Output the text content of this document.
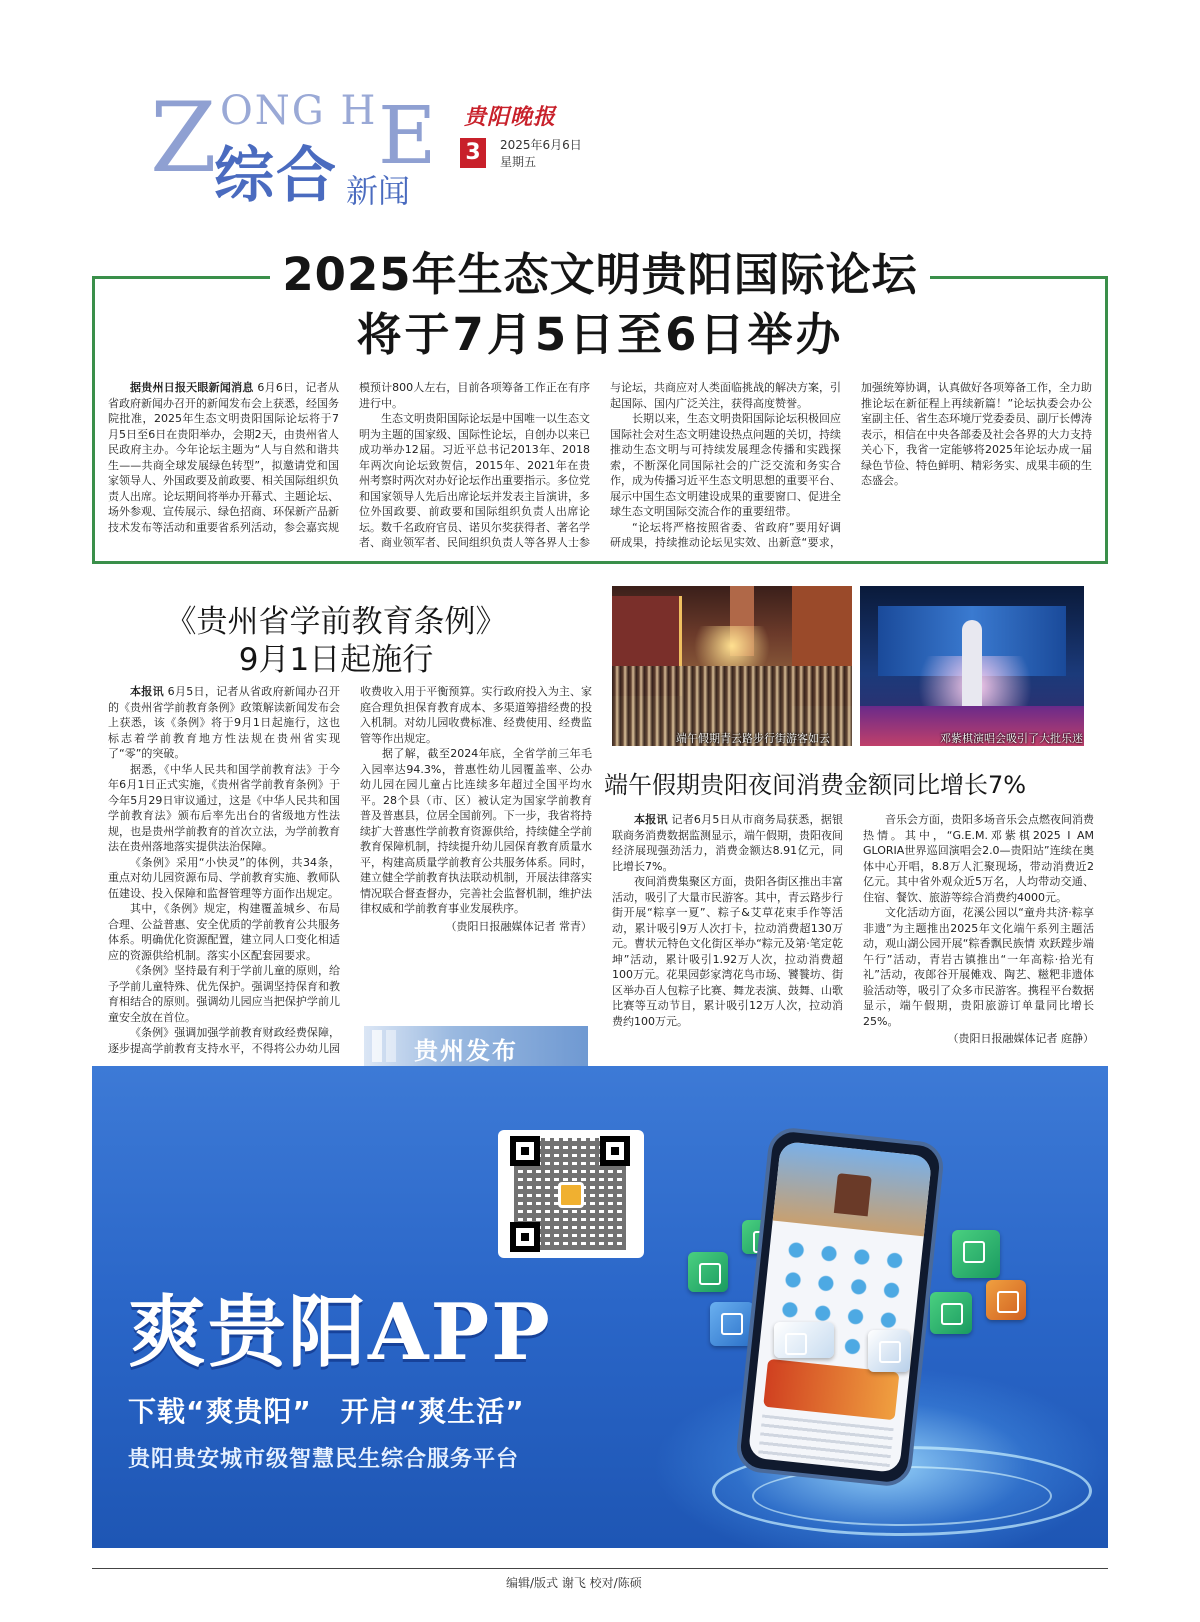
Z ONG H E
综合 新闻
贵阳晚报
3	2025年6月6日
星期五
2025年生态文明贵阳国际论坛
将于7月5日至6日举办

据贵州日报天眼新闻消息 6月6日，记者从省政府新闻办召开的新闻发布会上获悉，经国务院批准，2025年生态文明贵阳国际论坛将于7月5日至6日在贵阳举办，会期2天，由贵州省人民政府主办。今年论坛主题为“人与自然和谐共生——共商全球发展绿色转型”，拟邀请党和国家领导人、外国政要及前政要、相关国际组织负责人出席。论坛期间将举办开幕式、主题论坛、场外参观、宣传展示、绿色招商、环保新产品新技术发布等活动和重要省系列活动，参会嘉宾规模预计800人左右，目前各项筹备工作正在有序进行中。

生态文明贵阳国际论坛是中国唯一以生态文明为主题的国家级、国际性论坛，自创办以来已成功举办12届。习近平总书记2013年、2018年两次向论坛致贺信，2015年、2021年在贵州考察时两次对办好论坛作出重要指示。多位党和国家领导人先后出席论坛并发表主旨演讲，多位外国政要、前政要和国际组织负责人出席论坛。数千名政府官员、诺贝尔奖获得者、著名学者、商业领军者、民间组织负责人等各界人士参与论坛，共商应对人类面临挑战的解决方案，引起国际、国内广泛关注，获得高度赞誉。

长期以来，生态文明贵阳国际论坛积极回应国际社会对生态文明建设热点问题的关切，持续推动生态文明与可持续发展理念传播和实践探索，不断深化同国际社会的广泛交流和务实合作，成为传播习近平生态文明思想的重要平台、展示中国生态文明建设成果的重要窗口、促进全球生态文明国际交流合作的重要纽带。

“论坛将严格按照省委、省政府”要用好调研成果，持续推动论坛见实效、出新意“要求，加强统筹协调，认真做好各项筹备工作，全力助推论坛在新征程上再续新篇！”论坛执委会办公室副主任、省生态环境厅党委委员、副厅长傅涛表示，相信在中央各部委及社会各界的大力支持关心下，我省一定能够将2025年论坛办成一届绿色节俭、特色鲜明、精彩务实、成果丰硕的生态盛会。

《贵州省学前教育条例》
9月1日起施行

本报讯 6月5日，记者从省政府新闻办召开的《贵州省学前教育条例》政策解读新闻发布会上获悉，该《条例》将于9月1日起施行，这也标志着学前教育地方性法规在贵州省实现了“零”的突破。

据悉，《中华人民共和国学前教育法》于今年6月1日正式实施，《贵州省学前教育条例》于今年5月29日审议通过，这是《中华人民共和国学前教育法》颁布后率先出台的省级地方性法规，也是贵州学前教育的首次立法，为学前教育法在贵州落地落实提供法治保障。

《条例》采用“小快灵”的体例，共34条，重点对幼儿园资源布局、学前教育实施、教师队伍建设、投入保障和监督管理等方面作出规定。

其中，《条例》规定，构建覆盖城乡、布局合理、公益普惠、安全优质的学前教育公共服务体系。明确优化资源配置，建立同人口变化相适应的资源供给机制。落实小区配套园要求。

《条例》坚持最有利于学前儿童的原则，给予学前儿童特殊、优先保护。强调坚持保育和教育相结合的原则。强调幼儿园应当把保护学前儿童安全放在首位。

《条例》强调加强学前教育财政经费保障，逐步提高学前教育支持水平，不得将公办幼儿园收费收入用于平衡预算。实行政府投入为主、家庭合理负担保育教育成本、多渠道筹措经费的投入机制。对幼儿园收费标准、经费使用、经费监管等作出规定。

据了解，截至2024年底，全省学前三年毛入园率达94.3%，普惠性幼儿园覆盖率、公办幼儿园在园儿童占比连续多年超过全国平均水平。28个县（市、区）被认定为国家学前教育普及普惠县，位居全国前列。下一步，我省将持续扩大普惠性学前教育资源供给，持续健全学前教育保障机制，持续提升幼儿园保育教育质量水平，构建高质量学前教育公共服务体系。同时，建立健全学前教育执法联动机制，开展法律落实情况联合督查督办，完善社会监督机制，维护法律权威和学前教育事业发展秩序。

（贵阳日报融媒体记者 常青）

贵州发布
端午假期青云路步行街游客如云	邓紫棋演唱会吸引了大批乐迷
端午假期贵阳夜间消费金额同比增长7%

本报讯 记者6月5日从市商务局获悉，据银联商务消费数据监测显示，端午假期，贵阳夜间经济展现强劲活力，消费金额达8.91亿元，同比增长7%。

夜间消费集聚区方面，贵阳各街区推出丰富活动，吸引了大量市民游客。其中，青云路步行街开展“粽享一夏”、粽子&艾草花束手作等活动，累计吸引9万人次打卡，拉动消费超130万元。曹状元特色文化街区举办“粽元及第·笔定乾坤”活动，累计吸引1.92万人次，拉动消费超100万元。花果园彭家湾花鸟市场、饕餮坊、街区举办百人包粽子比赛、舞龙表演、鼓舞、山歌比赛等互动节目，累计吸引12万人次，拉动消费约100万元。

音乐会方面，贵阳多场音乐会点燃夜间消费热情。其中，“G.E.M.邓紫棋2025 I AM GLORIA世界巡回演唱会2.0—贵阳站”连续在奥体中心开唱，8.8万人汇聚现场，带动消费近2亿元。其中省外观众近5万名，人均带动交通、住宿、餐饮、旅游等综合消费约4000元。

文化活动方面，花溪公园以“童舟共济·粽享非遗”为主题推出2025年文化端午系列主题活动，观山湖公园开展“粽香飘民族情 欢跃蹚步端午行”活动，青岩古镇推出“一年高粽·拾光有礼”活动，夜郎谷开展傩戏、陶艺、糍粑非遗体验活动等，吸引了众多市民游客。携程平台数据显示，端午假期，贵阳旅游订单量同比增长25%。

（贵阳日报融媒体记者 庭静）

爽贵阳APP
下载“爽贵阳”　开启“爽生活”
贵阳贵安城市级智慧民生综合服务平台
编辑/版式 谢飞 校对/陈硕
